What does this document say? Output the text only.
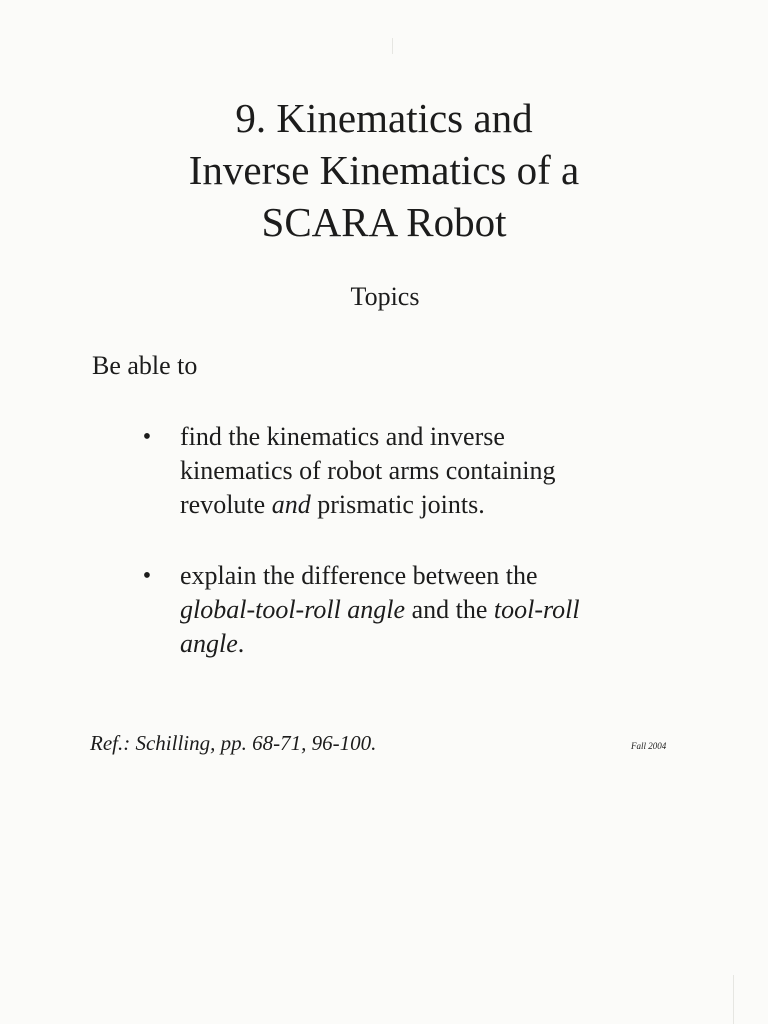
9. Kinematics and
Inverse Kinematics of a
SCARA Robot
Topics
Be able to
•	find the kinematics and inverse
kinematics of robot arms containing
revolute and prismatic joints.
•	explain the difference between the
global-tool-roll angle and the tool-roll
angle.
Ref.: Schilling, pp. 68-71, 96-100.	Fall 2004
